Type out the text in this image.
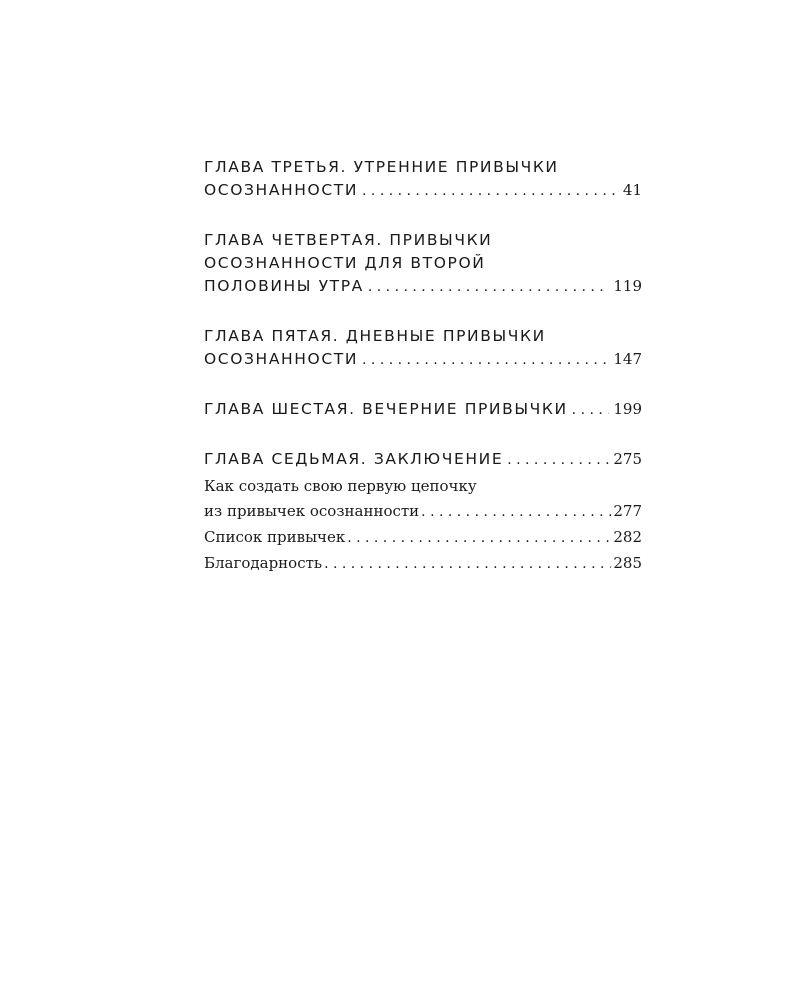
ГЛАВА ТРЕТЬЯ. УТРЕННИЕ ПРИВЫЧКИ
ОСОЗНАННОСТИ . . .	41
ГЛАВА ЧЕТВЕРТАЯ. ПРИВЫЧКИ
ОСОЗНАННОСТИ ДЛЯ ВТОРОЙ
ПОЛОВИНЫ УТРА . . .	119
ГЛАВА ПЯТАЯ. ДНЕВНЫЕ ПРИВЫЧКИ
ОСОЗНАННОСТИ . . .	147
ГЛАВА ШЕСТАЯ. ВЕЧЕРНИЕ ПРИВЫЧКИ . . .	199
ГЛАВА СЕДЬМАЯ. ЗАКЛЮЧЕНИЕ . . .	275
Как создать свою первую цепочку
из привычек осознанности . . .	277
Список привычек . . .	282
Благодарность . . .	285
